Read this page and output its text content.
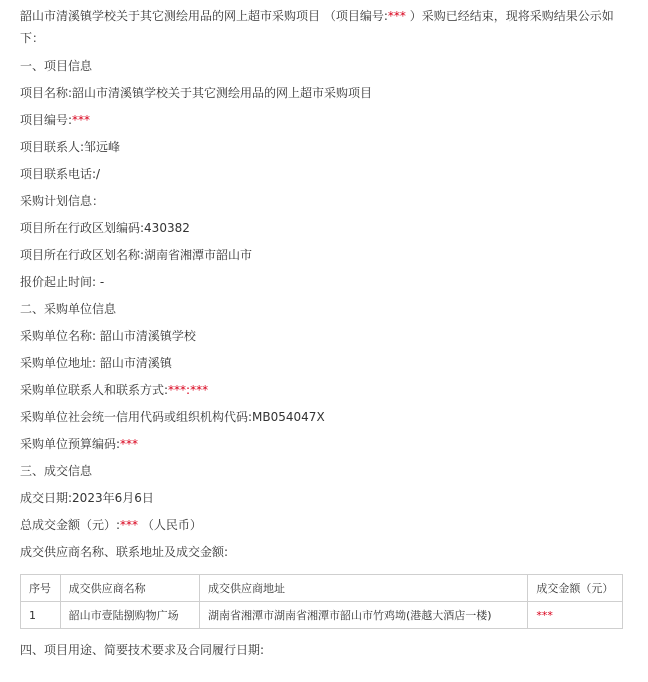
韶山市清溪镇学校关于其它测绘用品的网上超市采购项目 （项目编号:*** ）采购已经结束，现将采购结果公示如下：

一、项目信息
项目名称:韶山市清溪镇学校关于其它测绘用品的网上超市采购项目
项目编号:***
项目联系人:邹远峰
项目联系电话:/
采购计划信息：
项目所在行政区划编码:430382
项目所在行政区划名称:湖南省湘潭市韶山市
报价起止时间: -
二、采购单位信息
采购单位名称: 韶山市清溪镇学校
采购单位地址: 韶山市清溪镇
采购单位联系人和联系方式:***:***
采购单位社会统一信用代码或组织机构代码:MB054047X
采购单位预算编码:***
三、成交信息
成交日期:2023年6月6日
总成交金额（元）:*** （人民币）
成交供应商名称、联系地址及成交金额:
序号	成交供应商名称	成交供应商地址	成交金额（元）
1	韶山市壹陆捌购物广场	湖南省湘潭市湖南省湘潭市韶山市竹鸡坳(港越大酒店一楼)	***
四、项目用途、简要技术要求及合同履行日期:
